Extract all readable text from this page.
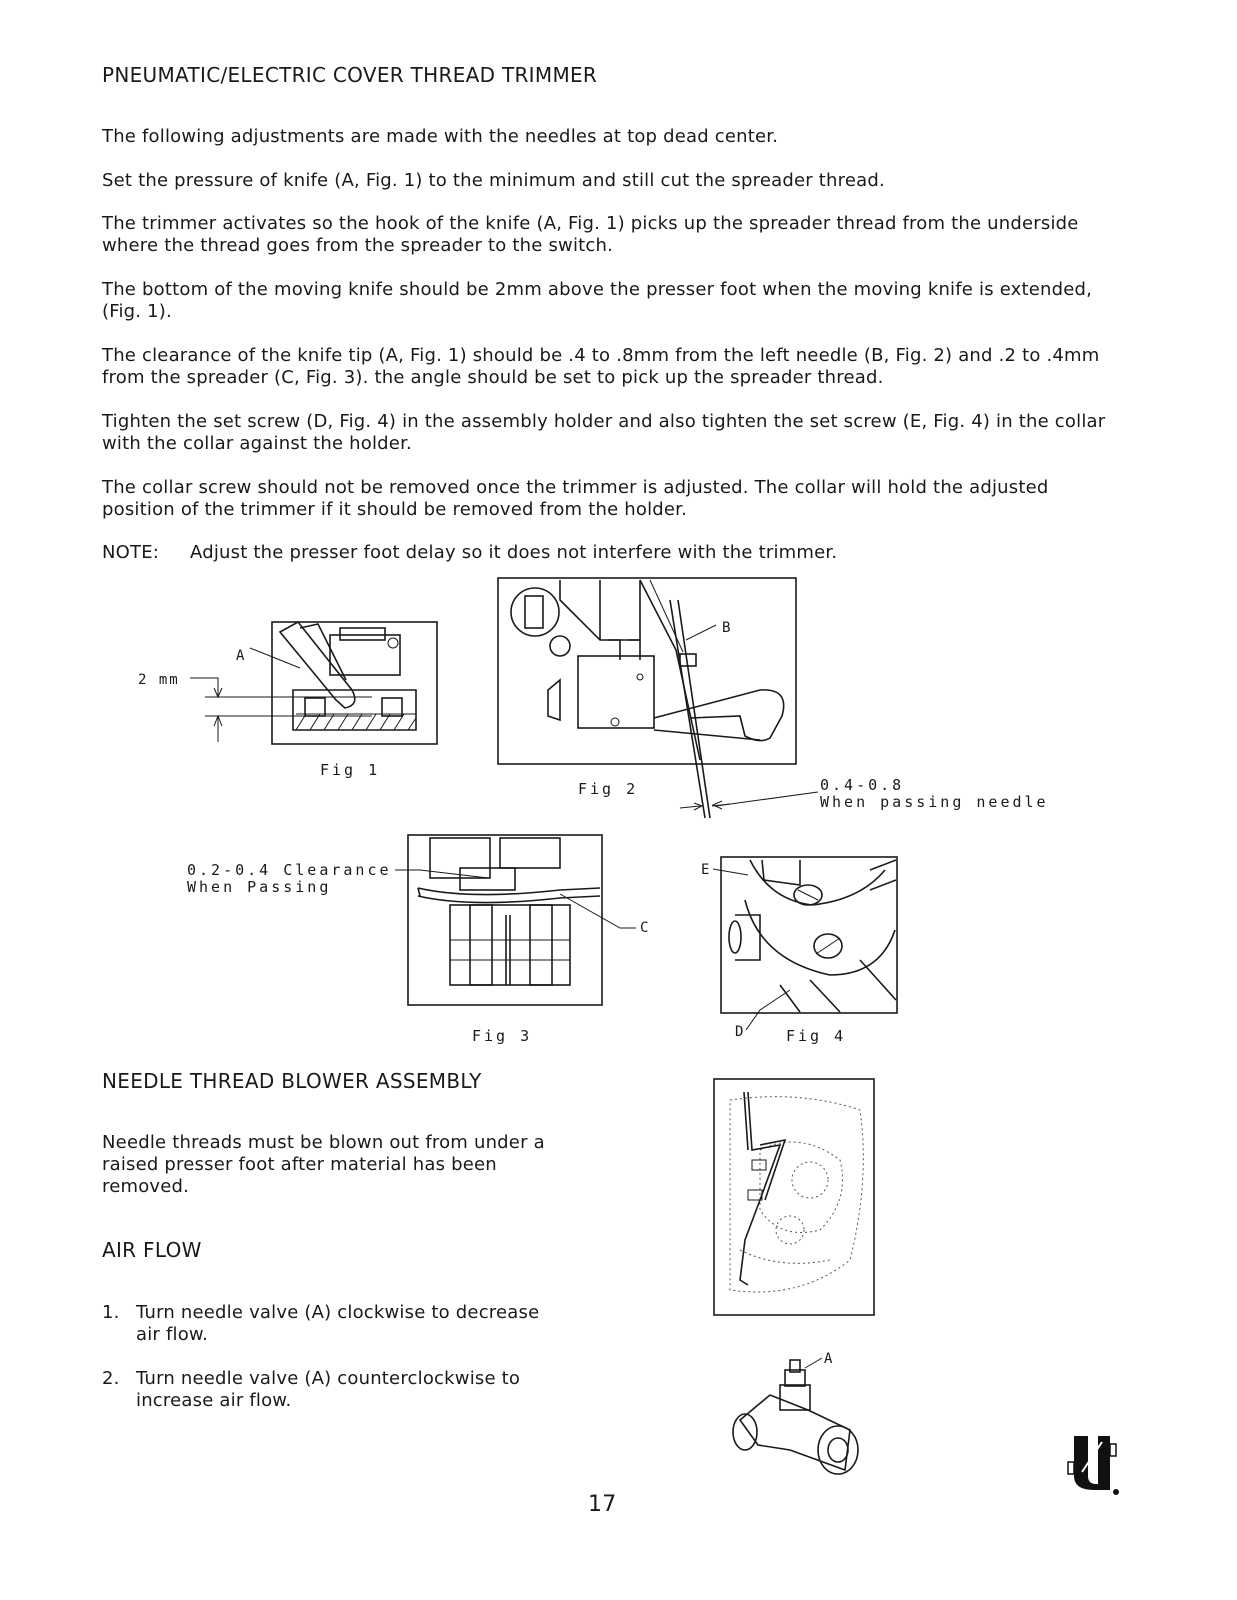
PNEUMATIC/ELECTRIC COVER THREAD TRIMMER
The following adjustments are made with the needles at top dead center.
Set the pressure of knife (A, Fig. 1) to the minimum and still cut the spreader thread.
The trimmer activates so the hook of the knife (A, Fig. 1) picks up the spreader thread from the underside where the thread goes from the spreader to the switch.
The bottom of the moving knife should be 2mm above the presser foot when the moving knife is extended, (Fig. 1).
The clearance of the knife tip (A, Fig. 1) should be .4 to .8mm from the left needle (B, Fig. 2) and .2 to .4mm from the spreader (C, Fig. 3). the angle should be set to pick up the spreader thread.
Tighten the set screw (D, Fig. 4) in the assembly holder and also tighten the set screw (E, Fig. 4) in the collar with the collar against the holder.
The collar screw should not be removed once the trimmer is adjusted. The collar will hold the adjusted position of the trimmer if it should be removed from the holder.
NOTE: Adjust the presser foot delay so it does not interfere with the trimmer.
A
2 mm
Fig 1
B
Fig 2	0.4-0.8
When passing needle
0.2-0.4 Clearance
When Passing
C
Fig 3
E
D	Fig 4
NEEDLE THREAD BLOWER ASSEMBLY
Needle threads must be blown out from under a raised presser foot after material has been removed.
AIR FLOW
1. Turn needle valve (A) clockwise to decrease air flow.
2. Turn needle valve (A) counterclockwise to increase air flow.
A
17
